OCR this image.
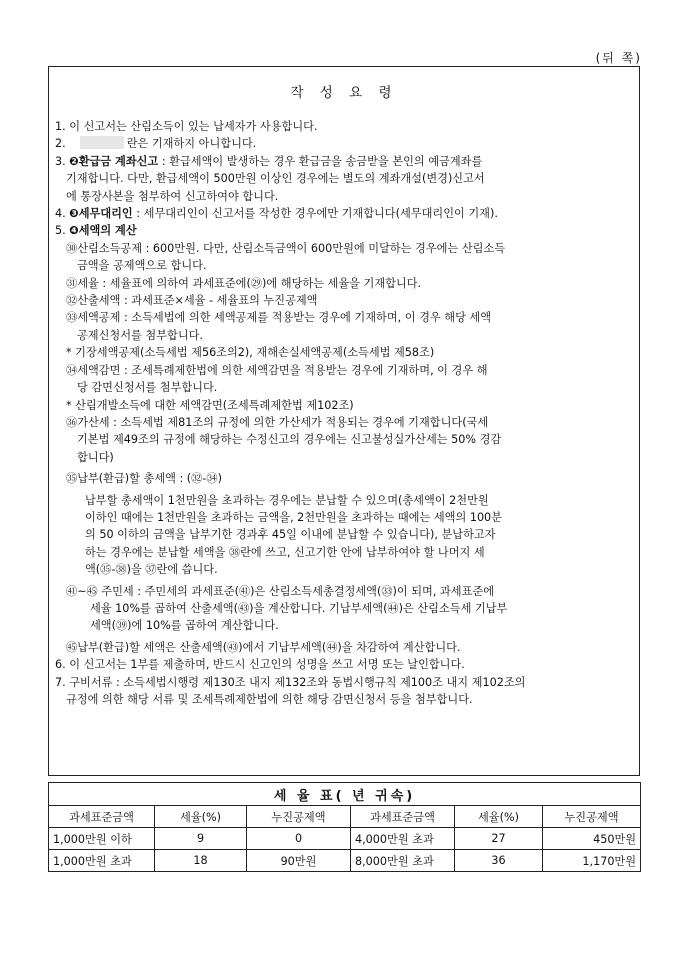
(뒤 쪽)
작 성 요 령
1. 이 신고서는 산림소득이 있는 납세자가 사용합니다.
2.	란은 기재하지 아니합니다.
3. ❷환급금 계좌신고 : 환급세액이 발생하는 경우 환급금을 송금받을 본인의 예금계좌를
기재합니다. 다만, 환급세액이 500만원 이상인 경우에는 별도의 계좌개설(변경)신고서
에 통장사본을 첨부하여 신고하여야 합니다.
4. ❸세무대리인 : 세무대리인이 신고서를 작성한 경우에만 기재합니다(세무대리인이 기재).
5. ❹세액의 계산
㉚산림소득공제 : 600만원. 다만, 산림소득금액이 600만원에 미달하는 경우에는 산림소득
금액을 공제액으로 합니다.
㉛세율 : 세율표에 의하여 과세표준에(㉙)에 해당하는 세율을 기재합니다.
㉜산출세액 : 과세표준×세율 - 세율표의 누진공제액
㉝세액공제 : 소득세법에 의한 세액공제를 적용받는 경우에 기재하며, 이 경우 해당 세액
공제신청서를 첨부합니다.
* 기장세액공제(소득세법 제56조의2), 재해손실세액공제(소득세법 제58조)
㉞세액감면 : 조세특례제한법에 의한 세액감면을 적용받는 경우에 기재하며, 이 경우 해
당 감면신청서를 첨부합니다.
* 산림개발소득에 대한 세액감면(조세특례제한법 제102조)
㊱가산세 : 소득세법 제81조의 규정에 의한 가산세가 적용되는 경우에 기재합니다(국세
기본법 제49조의 규정에 해당하는 수정신고의 경우에는 신고불성실가산세는 50% 경감
합니다)
㉟납부(환급)할 총세액 : (㉜-㉞)
납부할 총세액이 1천만원을 초과하는 경우에는 분납할 수 있으며(총세액이 2천만원
이하인 때에는 1천만원을 초과하는 금액을, 2천만원을 초과하는 때에는 세액의 100분
의 50 이하의 금액을 납부기한 경과후 45일 이내에 분납할 수 있습니다), 분납하고자
하는 경우에는 분납할 세액을 ㊳란에 쓰고, 신고기한 안에 납부하여야 할 나머지 세
액(㉟-㊳)을 ㊲란에 씁니다.
㊶~㊺ 주민세 : 주민세의 과세표준(㊶)은 산림소득세총결정세액(㉝)이 되며, 과세표준에
세율 10%를 곱하여 산출세액(㊸)을 계산합니다. 기납부세액(㊹)은 산림소득세 기납부
세액(㊴)에 10%를 곱하여 계산합니다.
㊺납부(환급)할 세액은 산출세액(㊸)에서 기납부세액(㊹)을 차감하여 계산합니다.
6. 이 신고서는 1부를 제출하며, 반드시 신고인의 성명을 쓰고 서명 또는 날인합니다.
7. 구비서류 : 소득세법시행령 제130조 내지 제132조와 동법시행규칙 제100조 내지 제102조의
규정에 의한 해당 서류 및 조세특례제한법에 의한 해당 감면신청서 등을 첨부합니다.
세 율 표( 년 귀속)					
과세표준금액	세율(%)	누진공제액	과세표준금액	세율(%)	누진공제액
1,000만원 이하	9	0	4,000만원 초과	27	450만원
1,000만원 초과	18	90만원	8,000만원 초과	36	1,170만원
